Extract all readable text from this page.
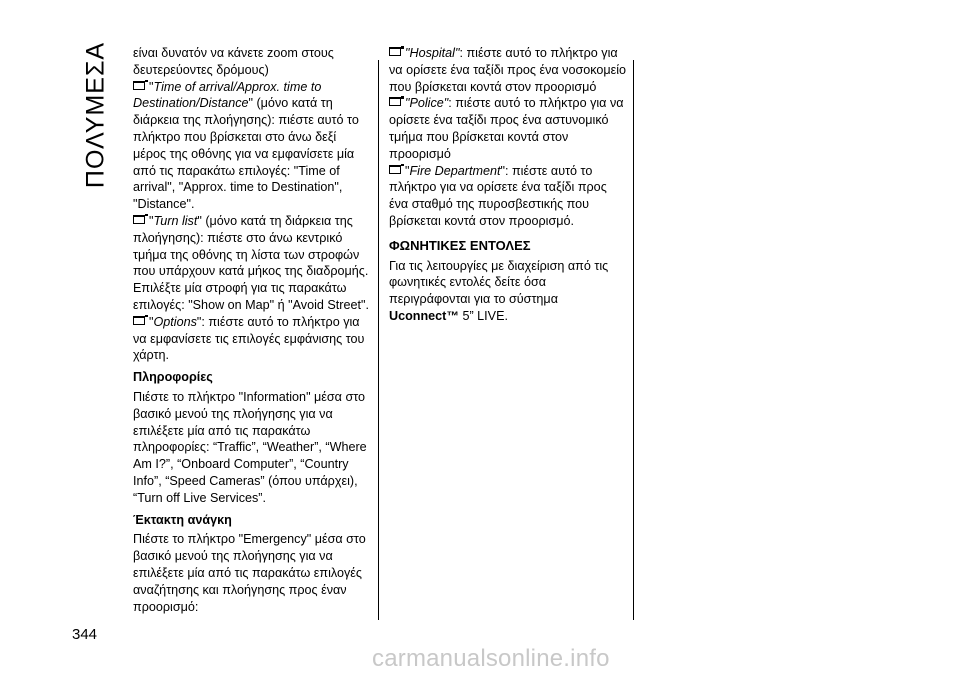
ΠΟΛΥΜΕΣΑ είναι δυνατόν να κάνετε zoom στους δευτερεύοντες δρόμους)

"Time of arrival/Approx. time to Destination/Distance" (μόνο κατά τη διάρκεια της πλοήγησης): πιέστε αυτό το πλήκτρο που βρίσκεται στο άνω δεξί μέρος της οθόνης για να εμφανίσετε μία από τις παρακάτω επιλογές: "Time of arrival", "Approx. time to Destination", "Distance".

"Turn list" (μόνο κατά τη διάρκεια της πλοήγησης): πιέστε στο άνω κεντρικό τμήμα της οθόνης τη λίστα των στροφών που υπάρχουν κατά μήκος της διαδρομής. Επιλέξτε μία στροφή για τις παρακάτω επιλογές: "Show on Map" ή "Avoid Street".

"Options": πιέστε αυτό το πλήκτρο για να εμφανίσετε τις επιλογές εμφάνισης του χάρτη.

Πληροφορίες

Πιέστε το πλήκτρο "Information" μέσα στο βασικό μενού της πλοήγησης για να επιλέξετε μία από τις παρακάτω πληροφορίες: “Traffic”, “Weather”, “Where Am I?”, “Onboard Computer”, “Country Info”, “Speed Cameras” (όπου υπάρχει), “Turn off Live Services”.

Έκτακτη ανάγκη

Πιέστε το πλήκτρο "Emergency" μέσα στο βασικό μενού της πλοήγησης για να επιλέξετε μία από τις παρακάτω επιλογές αναζήτησης και πλοήγησης προς έναν προορισμό:

"Hospital": πιέστε αυτό το πλήκτρο για να ορίσετε ένα ταξίδι προς ένα νοσοκομείο που βρίσκεται κοντά στον προορισμό

"Police": πιέστε αυτό το πλήκτρο για να ορίσετε ένα ταξίδι προς ένα αστυνομικό τμήμα που βρίσκεται κοντά στον προορισμό

"Fire Department": πιέστε αυτό το πλήκτρο για να ορίσετε ένα ταξίδι προς ένα σταθμό της πυροσβεστικής που βρίσκεται κοντά στον προορισμό.

ΦΩΝΗΤΙΚΕΣ ΕΝΤΟΛΕΣ

Για τις λειτουργίες με διαχείριση από τις φωνητικές εντολές δείτε όσα περιγράφονται για το σύστημα Uconnect™ 5” LIVE.

344
carmanualsonline.info
